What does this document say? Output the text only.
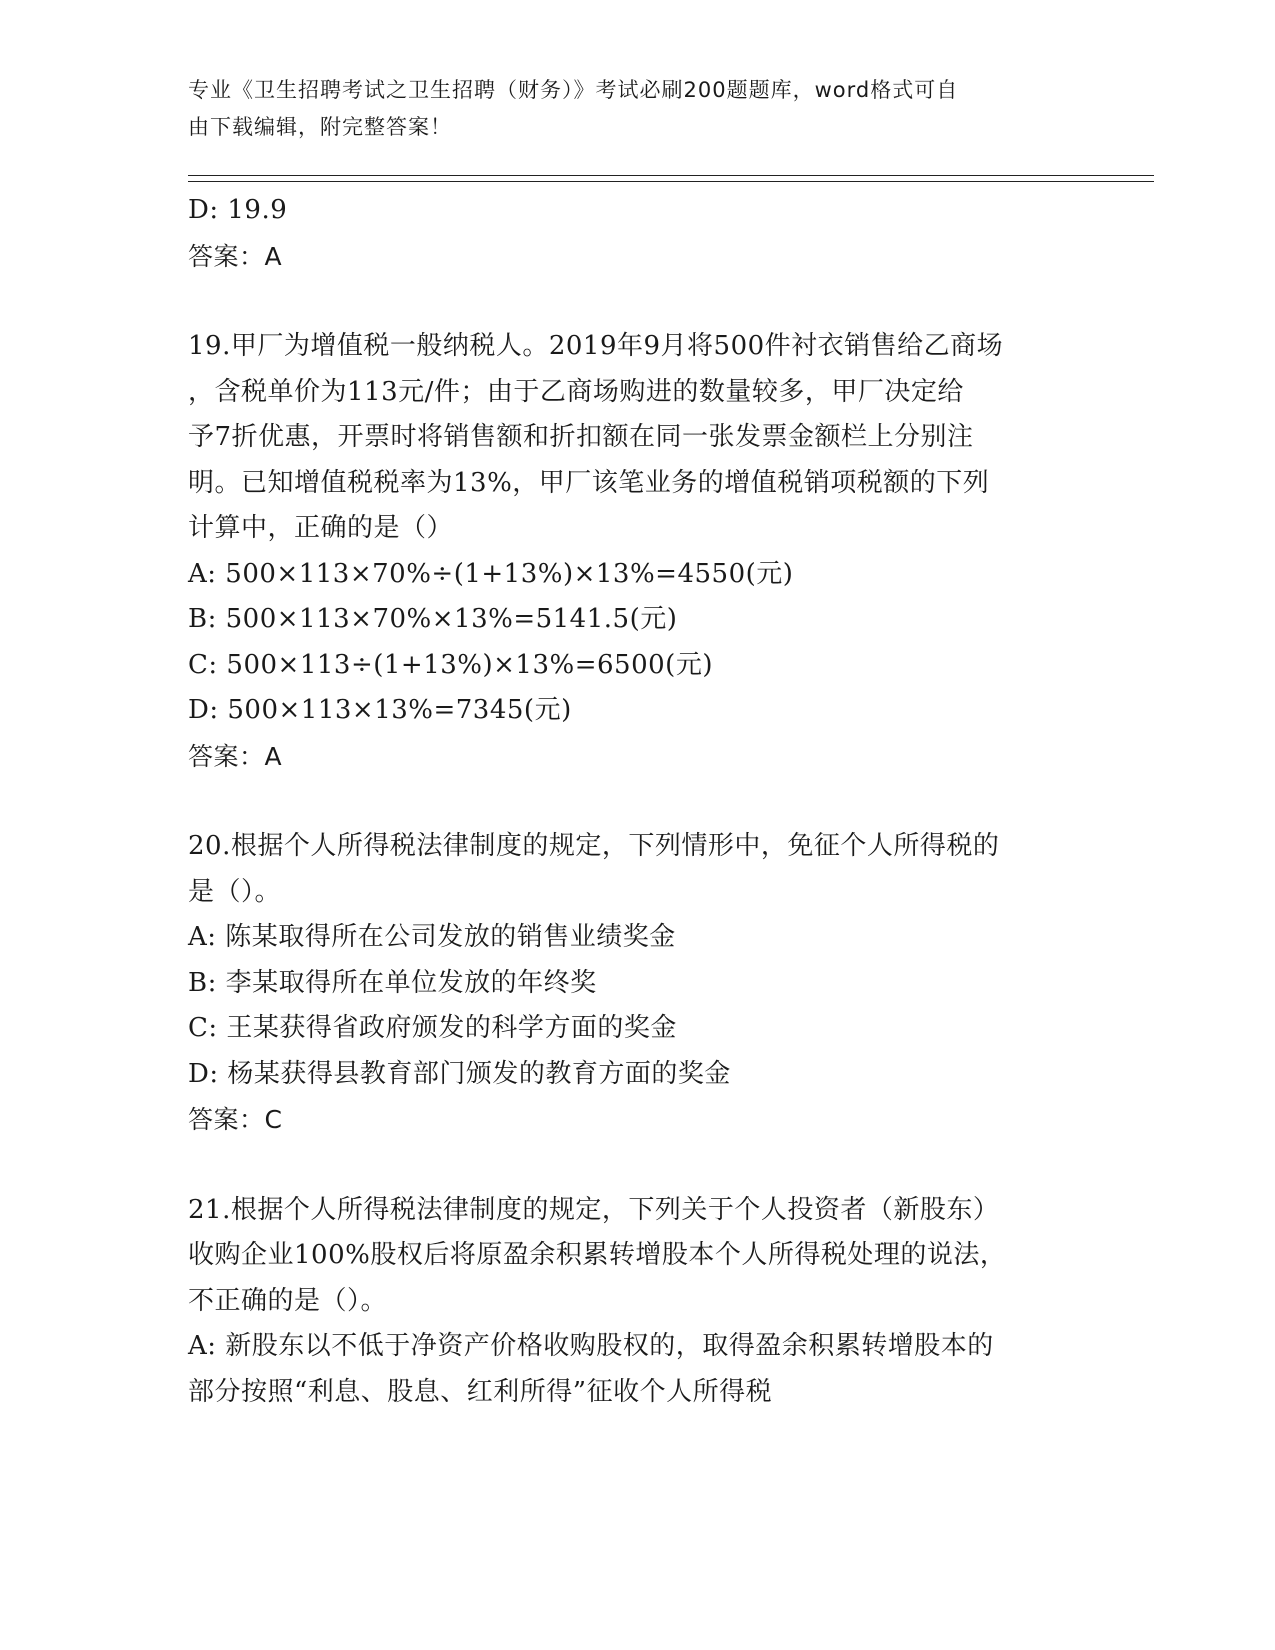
专业《卫生招聘考试之卫生招聘（财务）》考试必刷200题题库，word格式可自
由下载编辑，附完整答案！
D: 19.9
答案：A
19.甲厂为增值税一般纳税人。2019年9月将500件衬衣销售给乙商场
，含税单价为113元/件；由于乙商场购进的数量较多，甲厂决定给
予7折优惠，开票时将销售额和折扣额在同一张发票金额栏上分别注
明。已知增值税税率为13%，甲厂该笔业务的增值税销项税额的下列
计算中，正确的是（）
A: 500×113×70%÷(1+13%)×13%=4550(元)
B: 500×113×70%×13%=5141.5(元)
C: 500×113÷(1+13%)×13%=6500(元)
D: 500×113×13%=7345(元)
答案：A
20.根据个人所得税法律制度的规定，下列情形中，免征个人所得税的
是（）。
A: 陈某取得所在公司发放的销售业绩奖金
B: 李某取得所在单位发放的年终奖
C: 王某获得省政府颁发的科学方面的奖金
D: 杨某获得县教育部门颁发的教育方面的奖金
答案：C
21.根据个人所得税法律制度的规定，下列关于个人投资者（新股东）
收购企业100%股权后将原盈余积累转增股本个人所得税处理的说法，
不正确的是（）。
A: 新股东以不低于净资产价格收购股权的，取得盈余积累转增股本的
部分按照“利息、股息、红利所得”征收个人所得税
